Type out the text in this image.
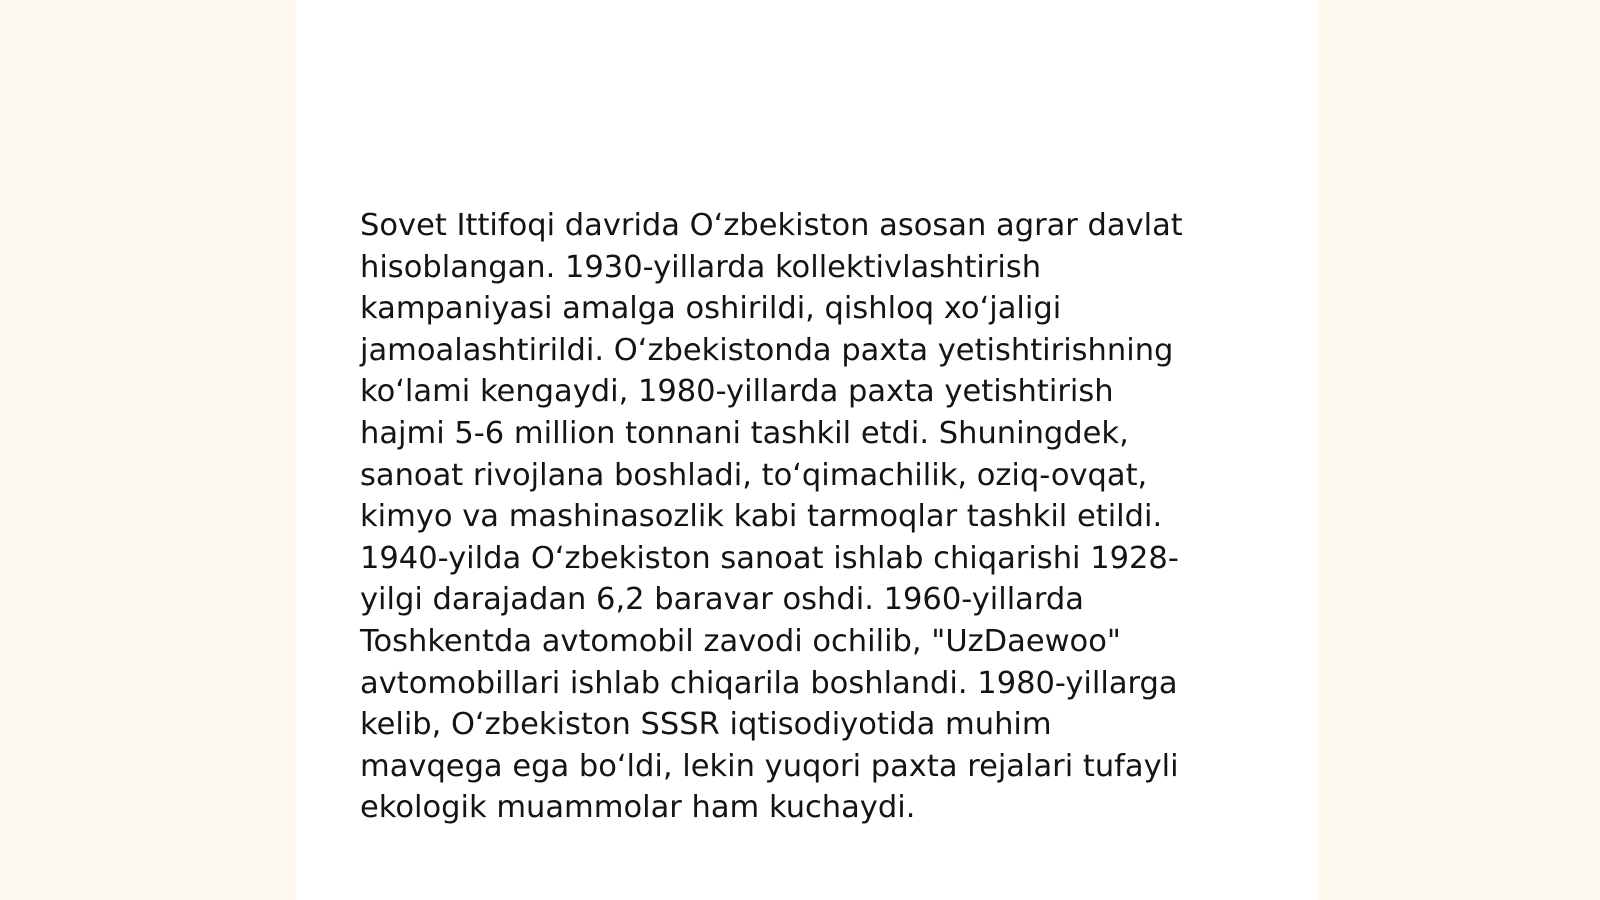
Sovet Ittifoqi davrida O‘zbekiston asosan agrar davlat
hisoblangan. 1930-yillarda kollektivlashtirish
kampaniyasi amalga oshirildi, qishloq xo‘jaligi
jamoalashtirildi. O‘zbekistonda paxta yetishtirishning
ko‘lami kengaydi, 1980-yillarda paxta yetishtirish
hajmi 5-6 million tonnani tashkil etdi. Shuningdek,
sanoat rivojlana boshladi, to‘qimachilik, oziq-ovqat,
kimyo va mashinasozlik kabi tarmoqlar tashkil etildi.
1940-yilda O‘zbekiston sanoat ishlab chiqarishi 1928-
yilgi darajadan 6,2 baravar oshdi. 1960-yillarda
Toshkentda avtomobil zavodi ochilib, "UzDaewoo"
avtomobillari ishlab chiqarila boshlandi. 1980-yillarga
kelib, O‘zbekiston SSSR iqtisodiyotida muhim
mavqega ega bo‘ldi, lekin yuqori paxta rejalari tufayli
ekologik muammolar ham kuchaydi.
